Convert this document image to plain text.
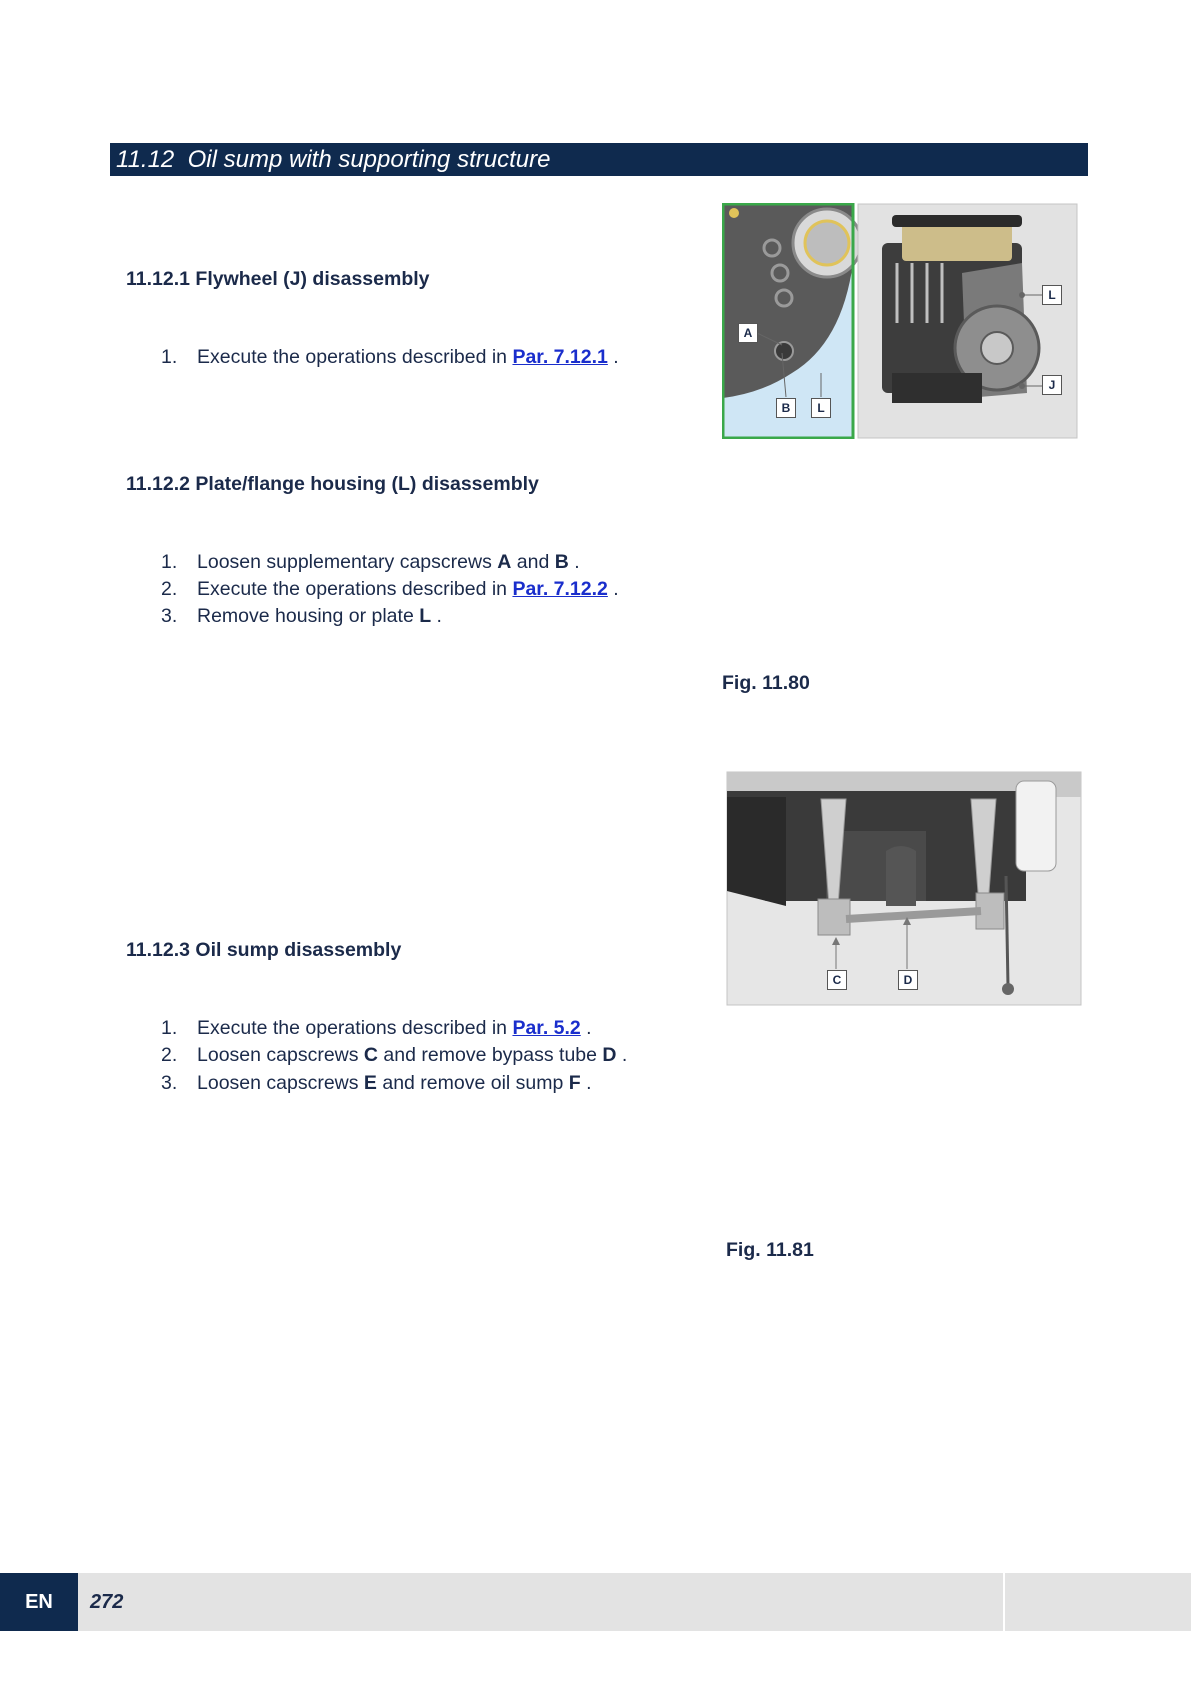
11.12 Oil sump with supporting structure
11.12.1 Flywheel (J) disassembly
1. Execute the operations described in Par. 7.12.1 .
11.12.2 Plate/flange housing (L) disassembly
1. Loosen supplementary capscrews A and B .
2. Execute the operations described in Par. 7.12.2 .
3. Remove housing or plate L .
11.12.3 Oil sump disassembly
1. Execute the operations described in Par. 5.2 .
2. Loosen capscrews C and remove bypass tube D .
3. Loosen capscrews E and remove oil sump F .
A
B	L
L
J
Fig. 11.80
C	D
Fig. 11.81
EN	272
